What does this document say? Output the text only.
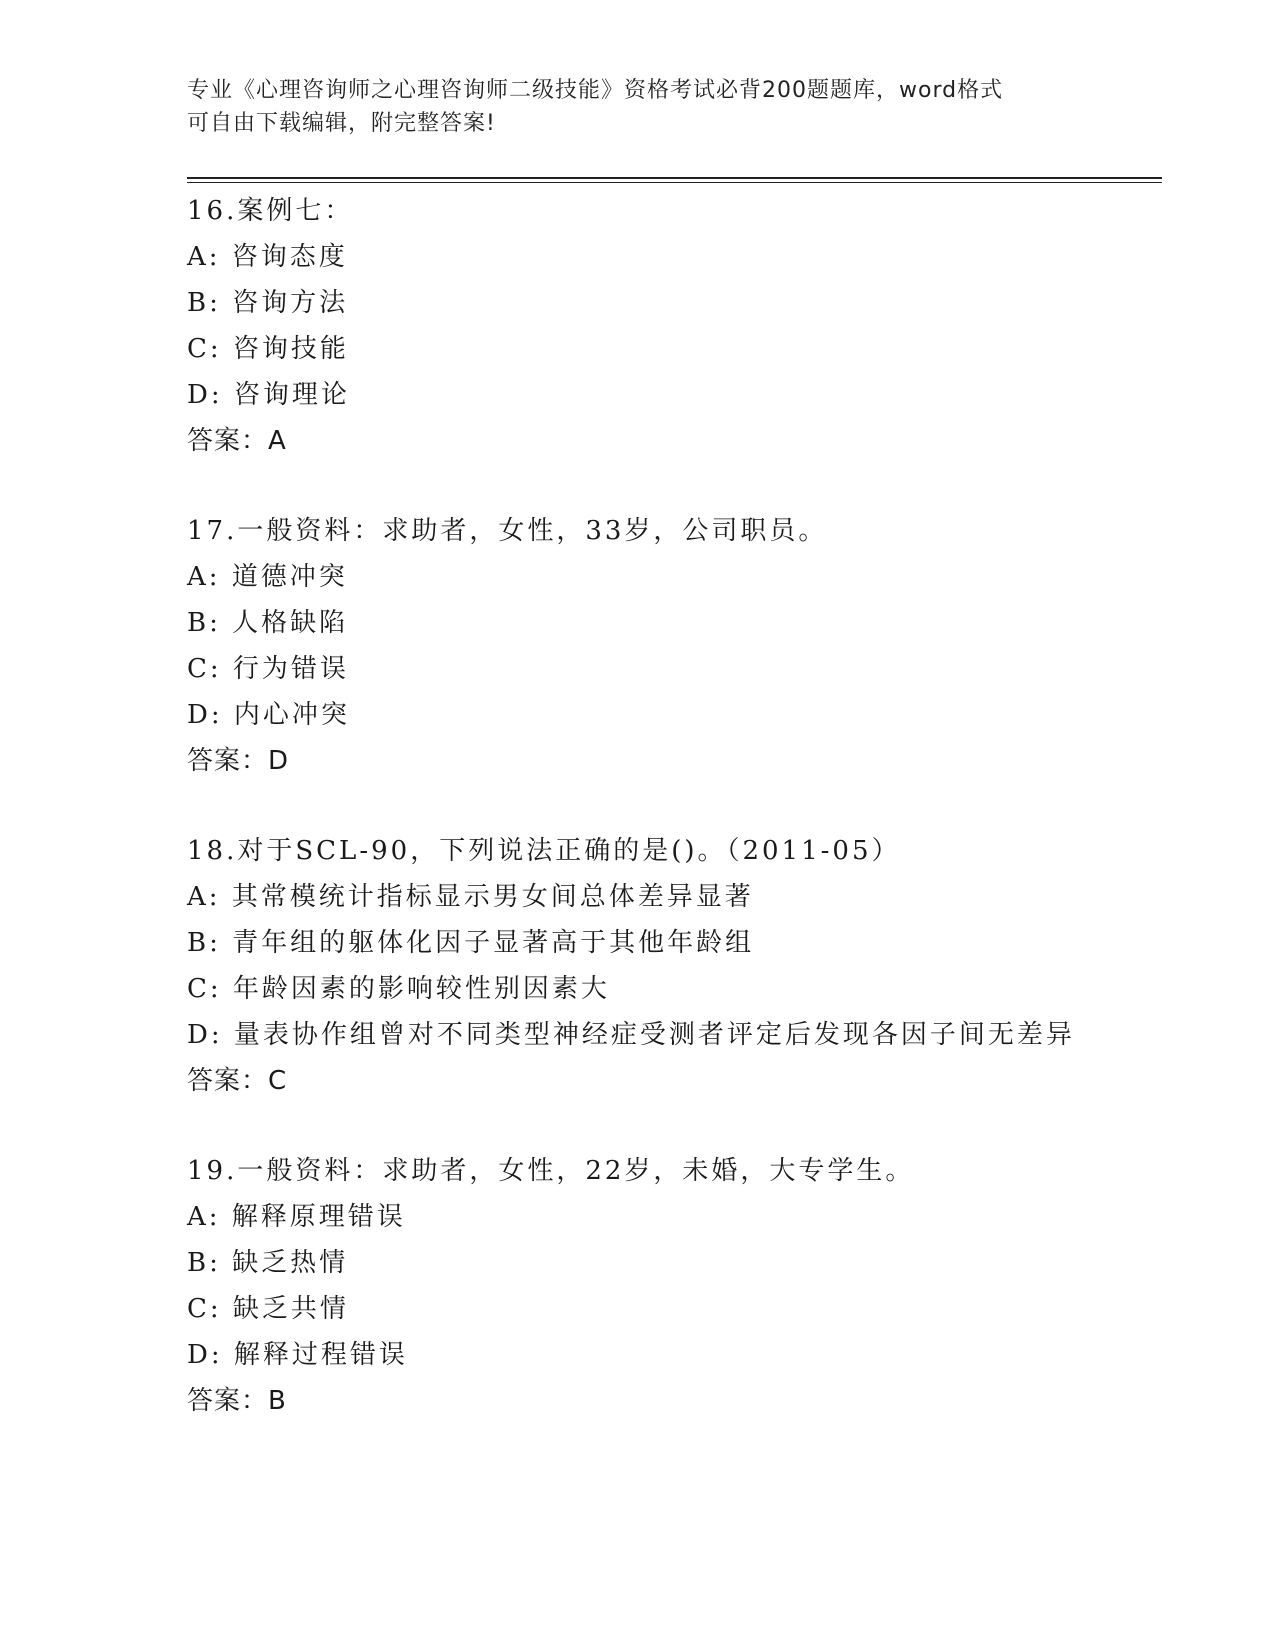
专业《心理咨询师之心理咨询师二级技能》资格考试必背200题题库，word格式

可自由下载编辑，附完整答案!

16.案例七：
A: 咨询态度
B: 咨询方法
C: 咨询技能
D: 咨询理论
答案：A
17.一般资料：求助者，女性，33岁，公司职员。
A: 道德冲突
B: 人格缺陷
C: 行为错误
D: 内心冲突
答案：D
18.对于SCL-90，下列说法正确的是()。（2011-05）
A: 其常模统计指标显示男女间总体差异显著
B: 青年组的躯体化因子显著高于其他年龄组
C: 年龄因素的影响较性别因素大
D: 量表协作组曾对不同类型神经症受测者评定后发现各因子间无差异
答案：C
19.一般资料：求助者，女性，22岁，未婚，大专学生。
A: 解释原理错误
B: 缺乏热情
C: 缺乏共情
D: 解释过程错误
答案：B
